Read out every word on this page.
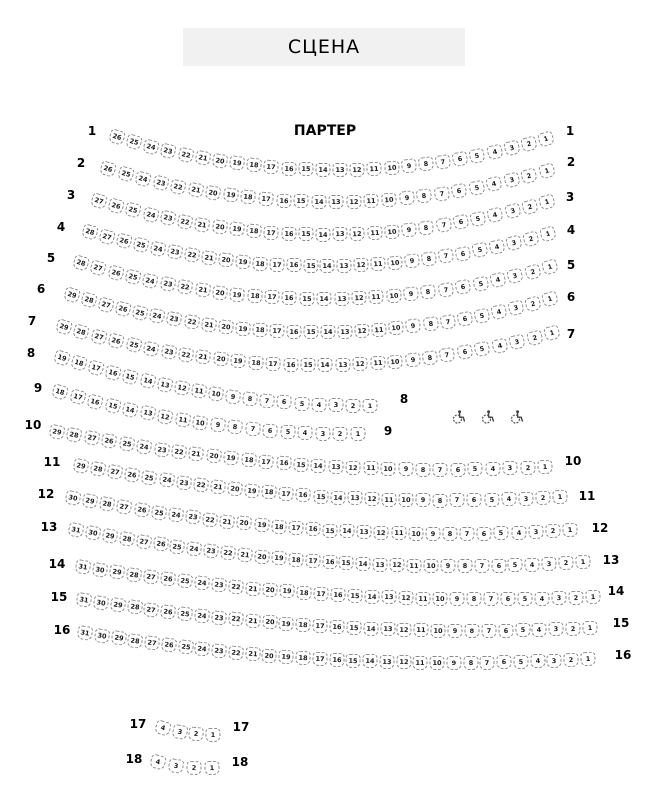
СЦЕНА
ПАРТЕР
1	1
26 25 24 23	22	21	20	19	18	17	16	15	14	13	12	11	10	9	8	7	6	5	4	3	2
1
2	2
26	25	24	23	22	21	20	19	18	17	16	15	14	13	12	11	10	9	8	7	6	5	4	3	2
1
3	3
27 26 25	24	23	22	21	20	19	18	17	16	15	14	13	12	11	10	9	8	7	6	5	4	3	2
1
4	4
28 27 26 25 24	23	22	21	20	19	18	17	16	15	14	13	12	11	10	9	8	7	6	5	4	3	2
1
5	5
28 27	26	25	24	23	22	21	20	19	18	17	16	15	14	13	12	11	10	9	8	7	6	5	4	3	2
1
6
6
29 28 27 26 25	24	23	22	21	20	19	18	17	16	15	14	13	12	11	10	9	8	7	6	5	4	3	2
1
7
7
29	28	27	26	25	24	23	22	21	20	19	18	17	16	15	14	13	12	11	10	9	8	7	6	5	4	3	2
1
8
8
19
18 17 16 15 14	13	12	11	10	9	8	7	6	5	4	3	2	1
9
9
18	17	16	15	14	13	12	11	10	9	8	7	6	5	4	3	2	1
10
10
29	28	27	26	25	24	23	22	21	20	19	18	17	16	15	14	13	12	11	10	9	8	7	6	5	4	3	2	1
11
11
29	28	27	26	25	24	23	22	21	20	19	18	17	16	15	14	13	12	11	10	9	8	7	6	5	4	3	2	1
12
12
30	29	28	27	26	25	24	23	22	21	20	19	18	17	16	15	14	13	12	11	10	9	8	7	6	5	4	3	2	1
13
13
31	30	29	28	27	26	25	24	23	22	21	20	19	18	17	16	15	14	13	12	11	10	9	8	7	6	5	4	3	2	1
14
14
31	30	29	28	27	26	25	24	23	22	21	20	19	18	17	16	15	14	13	12	11	10	9	8	7	6	5	4	3	2	1
15
15
31	30	29	28	27	26	25	24	23	22	21	20	19	18	17	16	15	14	13	12	11	10	9	8	7	6	5	4	3	2	1
16
16
31	30	29	28	27	26	25	24	23	22	21	20	19	18	17	16	15	14	13	12	11	10	9	8	7	6	5	4	3	2	1
17	17
4	3	2	1
18	18
4	3	2	1
